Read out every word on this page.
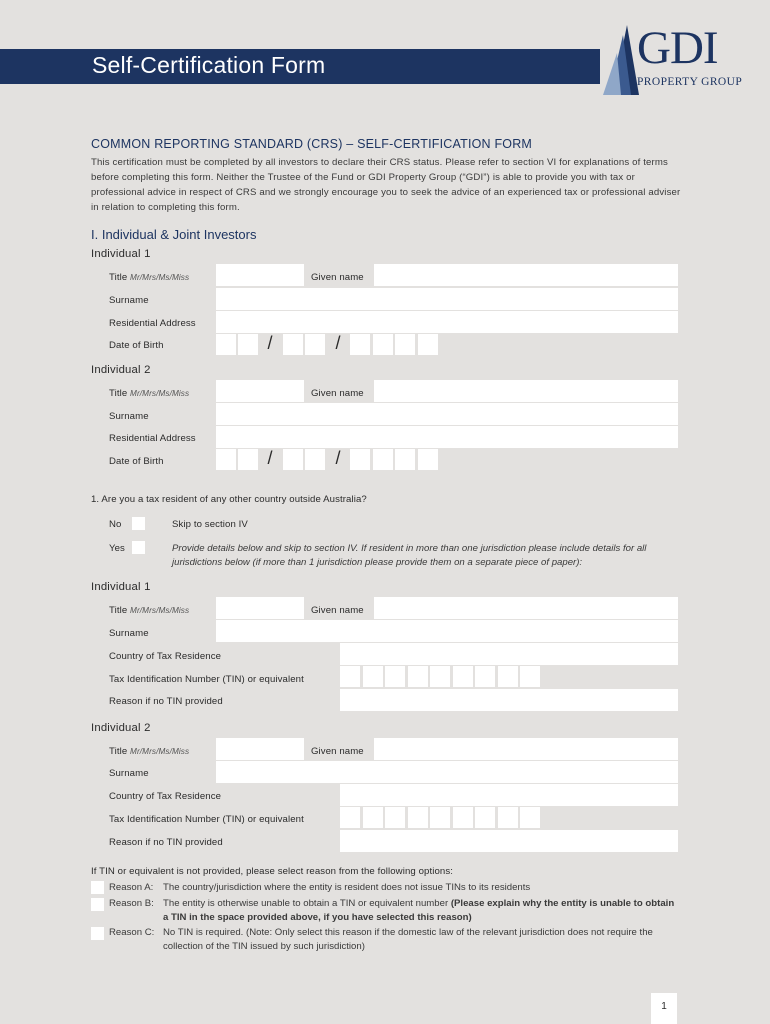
Self-Certification Form	GDI
PROPERTY GROUP
COMMON REPORTING STANDARD (CRS) – SELF-CERTIFICATION FORM
This certification must be completed by all investors to declare their CRS status. Please refer to section VI for explanations of terms before completing this form. Neither the Trustee of the Fund or GDI Property Group (“GDI”) is able to provide you with tax or professional advice in respect of CRS and we strongly encourage you to seek the advice of an experienced tax or professional adviser in relation to completing this form.
I. Individual & Joint Investors
Individual 1
Title Mr/Mrs/Ms/Miss	Given name
Surname
Residential Address
Date of Birth	/	/
Individual 2
Title Mr/Mrs/Ms/Miss	Given name
Surname
Residential Address
Date of Birth	/	/
1. Are you a tax resident of any other country outside Australia?
No	Skip to section IV
Yes	Provide details below and skip to section IV. If resident in more than one jurisdiction please include details for all jurisdictions below (if more than 1 jurisdiction please provide them on a separate piece of paper):
Individual 1
Title Mr/Mrs/Ms/Miss	Given name
Surname
Country of Tax Residence
Tax Identification Number (TIN) or equivalent
Reason if no TIN provided
Individual 2
Title Mr/Mrs/Ms/Miss	Given name
Surname
Country of Tax Residence
Tax Identification Number (TIN) or equivalent
Reason if no TIN provided
If TIN or equivalent is not provided, please select reason from the following options:
Reason A: The country/jurisdiction where the entity is resident does not issue TINs to its residents
Reason B: The entity is otherwise unable to obtain a TIN or equivalent number (Please explain why the entity is unable to obtain a TIN in the space provided above, if you have selected this reason)
Reason C: No TIN is required. (Note: Only select this reason if the domestic law of the relevant jurisdiction does not require the collection of the TIN issued by such jurisdiction)
1
